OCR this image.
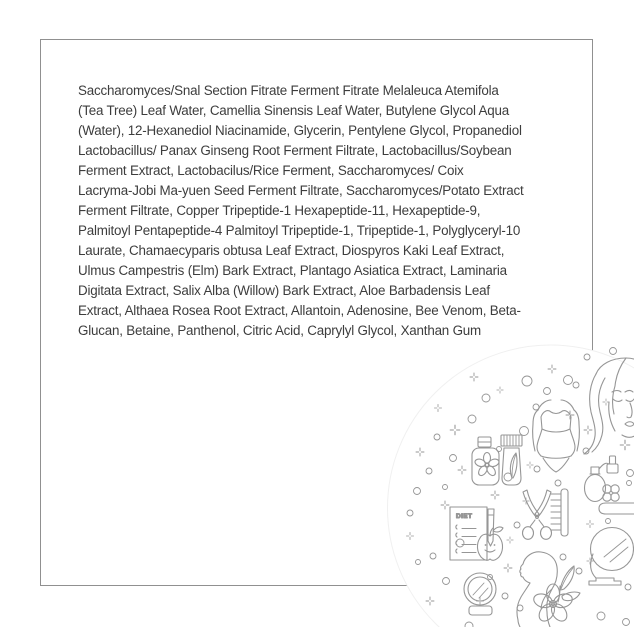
Saccharomyces/Snal Section Fitrate Ferment Fitrate Melaleuca Atemifola
(Tea Tree) Leaf Water, Camellia Sinensis Leaf Water, Butylene Glycol Aqua
(Water), 12-Hexanediol Niacinamide, Glycerin, Pentylene Glycol, Propanediol
Lactobacillus/ Panax Ginseng Root Ferment Filtrate, Lactobacillus/Soybean
Ferment Extract, Lactobacilus/Rice Ferment, Saccharomyces/ Coix
Lacryma-Jobi Ma-yuen Seed Ferment Filtrate, Saccharomyces/Potato Extract
Ferment Filtrate, Copper Tripeptide-1 Hexapeptide-11, Hexapeptide-9,
Palmitoyl Pentapeptide-4 Palmitoyl Tripeptide-1, Tripeptide-1, Polyglyceryl-10
Laurate, Chamaecyparis obtusa Leaf Extract, Diospyros Kaki Leaf Extract,
Ulmus Campestris (Elm) Bark Extract, Plantago Asiatica Extract, Laminaria
Digitata Extract, Salix Alba (Willow) Bark Extract, Aloe Barbadensis Leaf
Extract, Althaea Rosea Root Extract, Allantoin, Adenosine, Bee Venom, Beta-
Glucan, Betaine, Panthenol, Citric Acid, Caprylyl Glycol, Xanthan Gum
DIET
